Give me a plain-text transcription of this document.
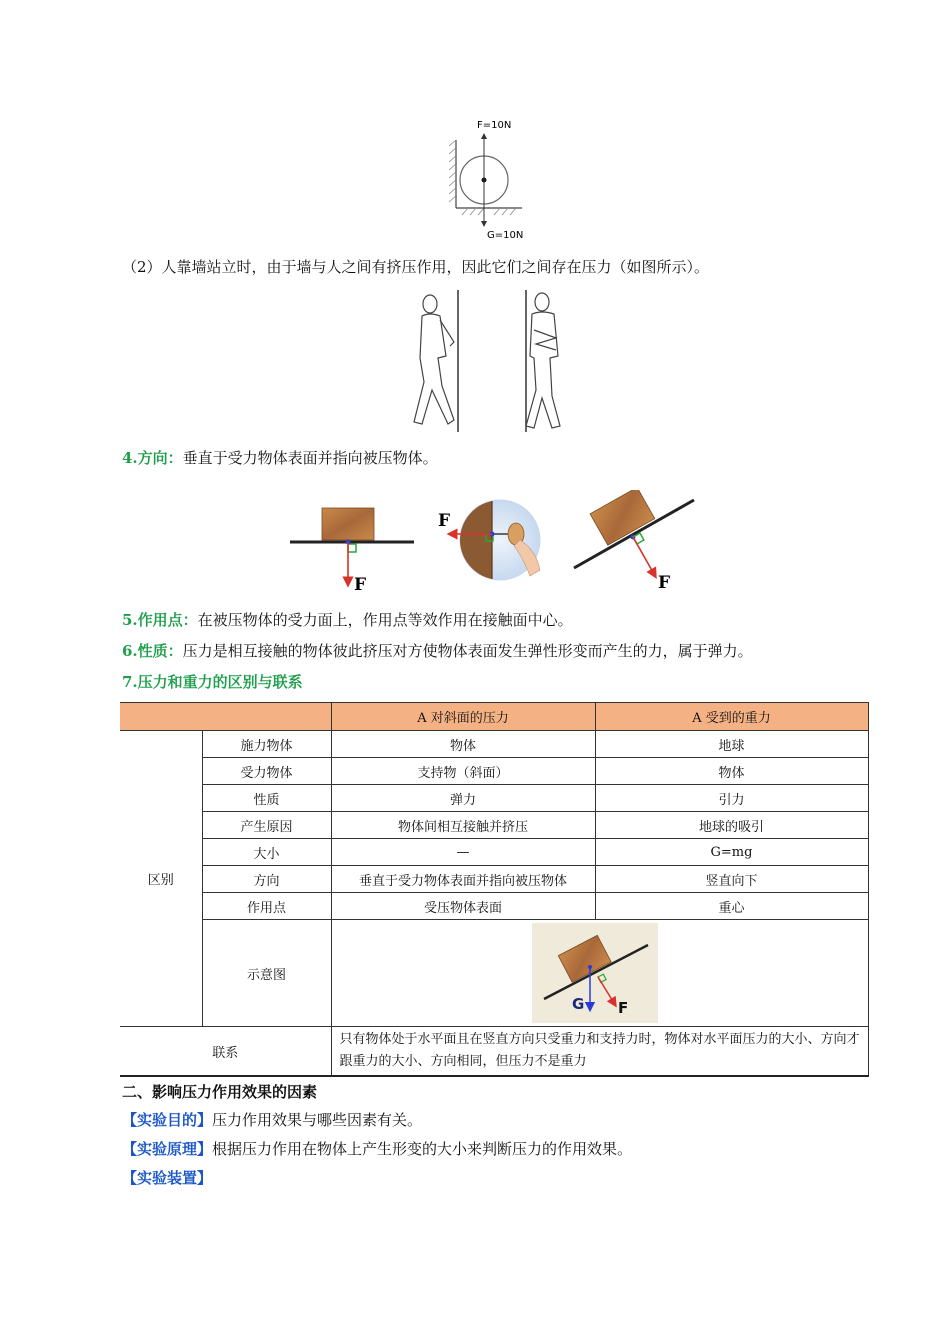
F=10N
G=10N
（2）人靠墙站立时，由于墙与人之间有挤压作用，因此它们之间存在压力（如图所示）。
4.方向：垂直于受力物体表面并指向被压物体。
F
F
F
5.作用点：在被压物体的受力面上，作用点等效作用在接触面中心。
6.性质：压力是相互接触的物体彼此挤压对方使物体表面发生弹性形变而产生的力，属于弹力。
7.压力和重力的区别与联系
		A 对斜面的压力	A 受到的重力
区别	施力物体	物体	地球
	受力物体	支持物（斜面）	物体
	性质	弹力	引力
	产生原因	物体间相互接触并挤压	地球的吸引
	大小	—	G=mg
	方向	垂直于受力物体表面并指向被压物体	竖直向下
	作用点	受压物体表面	重心
	示意图	G F	

联系		只有物体处于水平面且在竖直方向只受重力和支持力时，物体对水平面压力的大小、方向才跟重力的大小、方向相同，但压力不是重力	
二、影响压力作用效果的因素
【实验目的】压力作用效果与哪些因素有关。
【实验原理】根据压力作用在物体上产生形变的大小来判断压力的作用效果。
【实验装置】
